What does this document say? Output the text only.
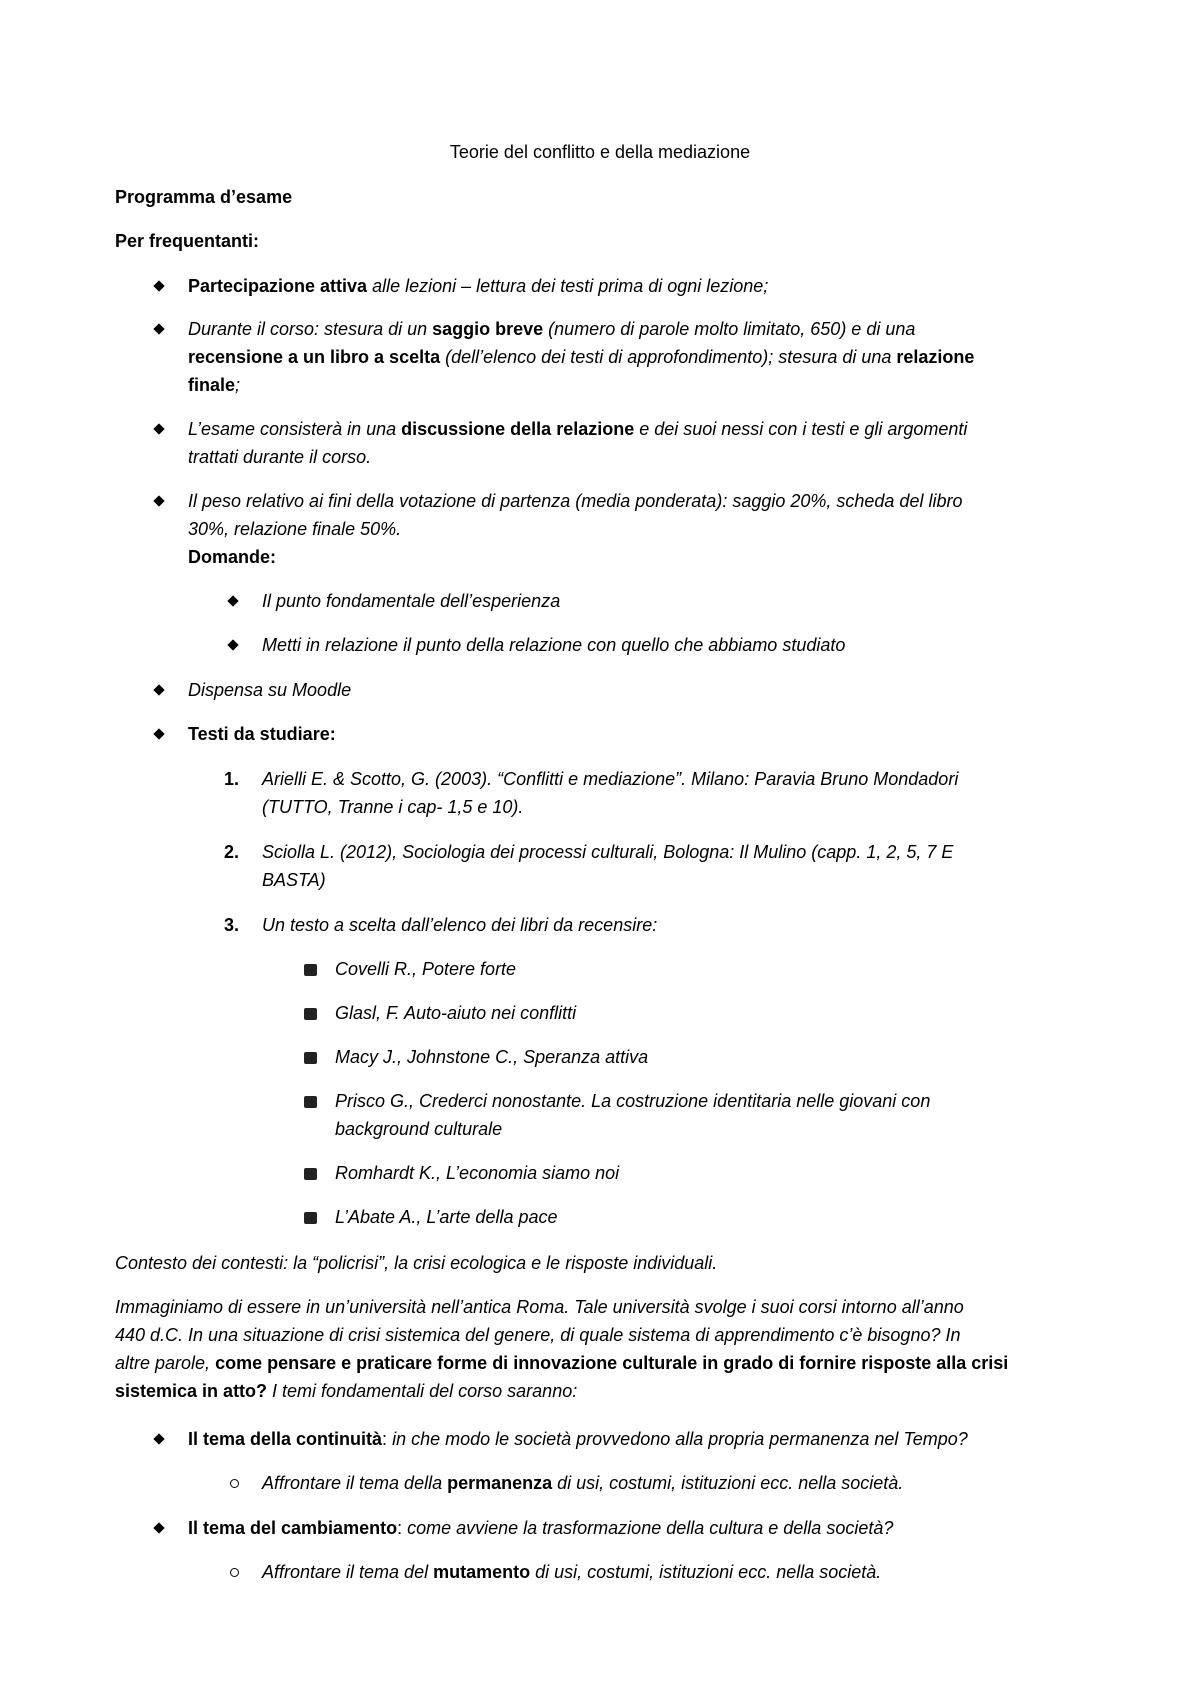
Teorie del conflitto e della mediazione

Programma d’esame

Per frequentanti:

Partecipazione attiva alle lezioni – lettura dei testi prima di ogni lezione;

Durante il corso: stesura di un saggio breve (numero di parole molto limitato, 650) e di una
recensione a un libro a scelta (dell’elenco dei testi di approfondimento); stesura di una relazione
finale;

L’esame consisterà in una discussione della relazione e dei suoi nessi con i testi e gli argomenti
trattati durante il corso.

Il peso relativo ai fini della votazione di partenza (media ponderata): saggio 20%, scheda del libro
30%, relazione finale 50%.
Domande:

Il punto fondamentale dell’esperienza

Metti in relazione il punto della relazione con quello che abbiamo studiato

Dispensa su Moodle

Testi da studiare:

1.	Arielli E. & Scotto, G. (2003). “Conflitti e mediazione”. Milano: Paravia Bruno Mondadori
(TUTTO, Tranne i cap- 1,5 e 10).

2.	Sciolla L. (2012), Sociologia dei processi culturali, Bologna: Il Mulino (capp. 1, 2, 5, 7 E
BASTA)

3.	Un testo a scelta dall’elenco dei libri da recensire:

Covelli R., Potere forte

Glasl, F. Auto-aiuto nei conflitti

Macy J., Johnstone C., Speranza attiva

Prisco G., Crederci nonostante. La costruzione identitaria nelle giovani con
background culturale

Romhardt K., L’economia siamo noi

L’Abate A., L’arte della pace

Contesto dei contesti: la “policrisi”, la crisi ecologica e le risposte individuali.

Immaginiamo di essere in un’università nell’antica Roma. Tale università svolge i suoi corsi intorno all’anno
440 d.C. In una situazione di crisi sistemica del genere, di quale sistema di apprendimento c’è bisogno? In
altre parole, come pensare e praticare forme di innovazione culturale in grado di fornire risposte alla crisi
sistemica in atto? I temi fondamentali del corso saranno:

Il tema della continuità: in che modo le società provvedono alla propria permanenza nel Tempo?

Affrontare il tema della permanenza di usi, costumi, istituzioni ecc. nella società.

Il tema del cambiamento: come avviene la trasformazione della cultura e della società?

Affrontare il tema del mutamento di usi, costumi, istituzioni ecc. nella società.
